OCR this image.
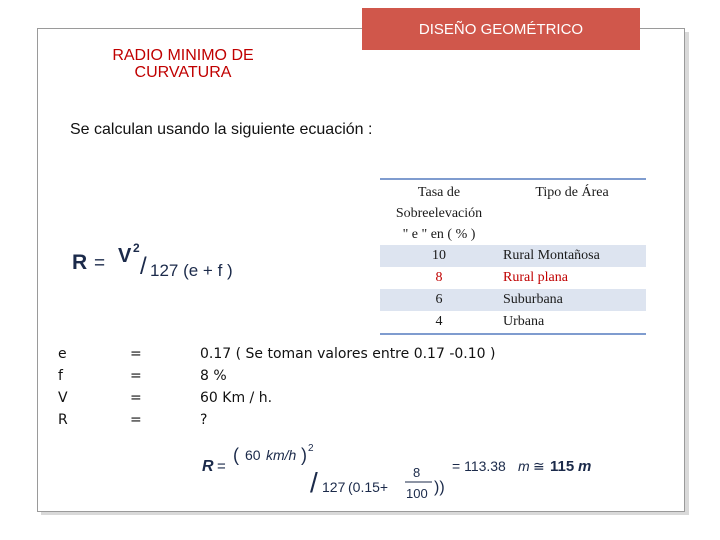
DISEÑO GEOMÉTRICO
RADIO MINIMO DE
CURVATURA
Se calculan usando la siguiente ecuación :
R = V 2
/ 127 (e + f )
Tasa de
Sobreelevación
" e " en ( % )	Tipo de Área
10	Rural Montañosa
8	Rural plana
6	Suburbana
4	Urbana
e	=	0.17 ( Se toman valores entre 0.17 -0.10 )
f	=	8 %
V	=	60 Km / h.
R	=	?
R =
( 60 km/h ) 2
/ 127 (0.15+
8
100 ))
= 113.38 m ≅ 115 m
